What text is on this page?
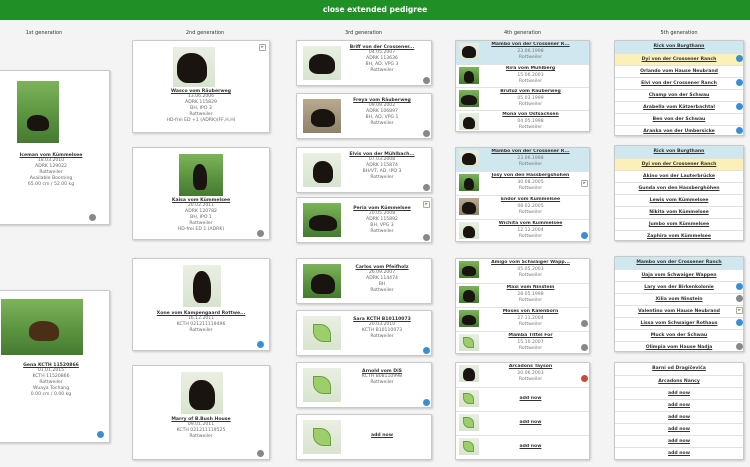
close extended pedigree
1st generation	2nd generation	3rd generation	4th generation	5th generation
Iceman vom Kümmelsee
18.03.2010
ADRK 129022
Rottweiler
Available Booming
65.00 cm / 52.00 kg
Gena KCTH 11520866
01.01.2015
KCTH 11520866
Rottweiler
Wuaya Tochang
0.00 cm / 0.00 kg
Wasco vom Räuberweg
13.06.2006
ADRK 115829
BH, IPO 3
Rottweiler
HD-frei ED +1 (ADRK)(FF,H,H)
▸
Kaisa vom Kümmelsee
20.02.2011
ADRK 120782
BH, IPO 1
Rottweiler
HD-frei ED 1 (ADRK)
Xone vom Kampengaard Rottwe...
16.12.2011
KCTH 021211119496
Rottweiler
Marry of B.Bush House
09.01.2011
KCTH 021211119525
Rottweiler
Briff von der Crossener...
04.05.2007
ADRK 113636
BH, AD, VPG 3
Rottweiler
Freya vom Räuberweg
09.09.2002
ADRK 106897
BH, AD, VPG 1
Rottweiler
Elvis von der Mühlbach...
07.03.2008
ADRK 115874
BH/VT, AD, IPO 3
Rottweiler
Peria vom Kümmelsee
20.05.2008
ADRK 115892
BH, VPG 3
Rottweiler
▸
Carlos vom Pfeifholz
26.09.2007
ADRK 114474
BH
Rottweiler
Sara KCTH B10110073
20.03.2010
KCTH B10110073
Rottweiler
Arnold vom DiS
KCTH B08110998
Rottweiler
add now
Mambo von der Crossener R...
23.06.1998
Rottweiler
Rira vom Mühlberg
15.06.2003
Rottweiler
Brutuz vom Räuberweg
05.03.1999
Rottweiler
Mona von Ostsachsen
04.05.1998
Rottweiler
Mambo von der Crossener R...
23.06.1998
Rottweiler
Josy von den Hassbergshöhen
30.08.2005
Rottweiler
▸
Endor vom Kümmelsee
08.02.2005
Rottweiler
Wichita vom Kümmelsee
12.12.2004
Rottweiler
Amigo vom Schwaiger Wapp...
05.05.2003
Rottweiler
Mäxi vom Ninstein
28.05.1998
Rottweiler
Moses von Kalenborn
27.11.2004
Rottweiler
Mamba Tittel For
15.10.2007
Rottweiler
Arcadons Tayson
20.06.2003
Rottweiler
add now
add now
add now
Rick von Burgthann
Dyi von der Crossener Ranch
Orlando vom Hause Neubrand
Elvi von der Crossener Ranch
Champ von der Schwau
Arabella vom Kätzerbachtal
Ben von der Schwau
Aranka von der Umbersicke
Rick von Burgthann
Dyi von der Crossener Ranch
Akino von der Lauterbrücke
Gunda von den Hassberghöhen
Lewis vom Kümmelsee
Nikita vom Kümmelsee
Jumbo vom Kümmelsee
Zaphira vom Kümmelsee
Mambo von der Crossener Ranch
Uaja vom Schwaiger Wappen
Lary von der Birkenkolonie
Xilia vom Ninstein
Valentino vom Hause Neubrand
Lissa vom Schwaiger Rothaus
Muck von der Schwau
Olimpia vom Hause Nadja
▸
Barni od Dragičevića
Arcadons Nancy
add now
add now
add now
add now
add now
add now
